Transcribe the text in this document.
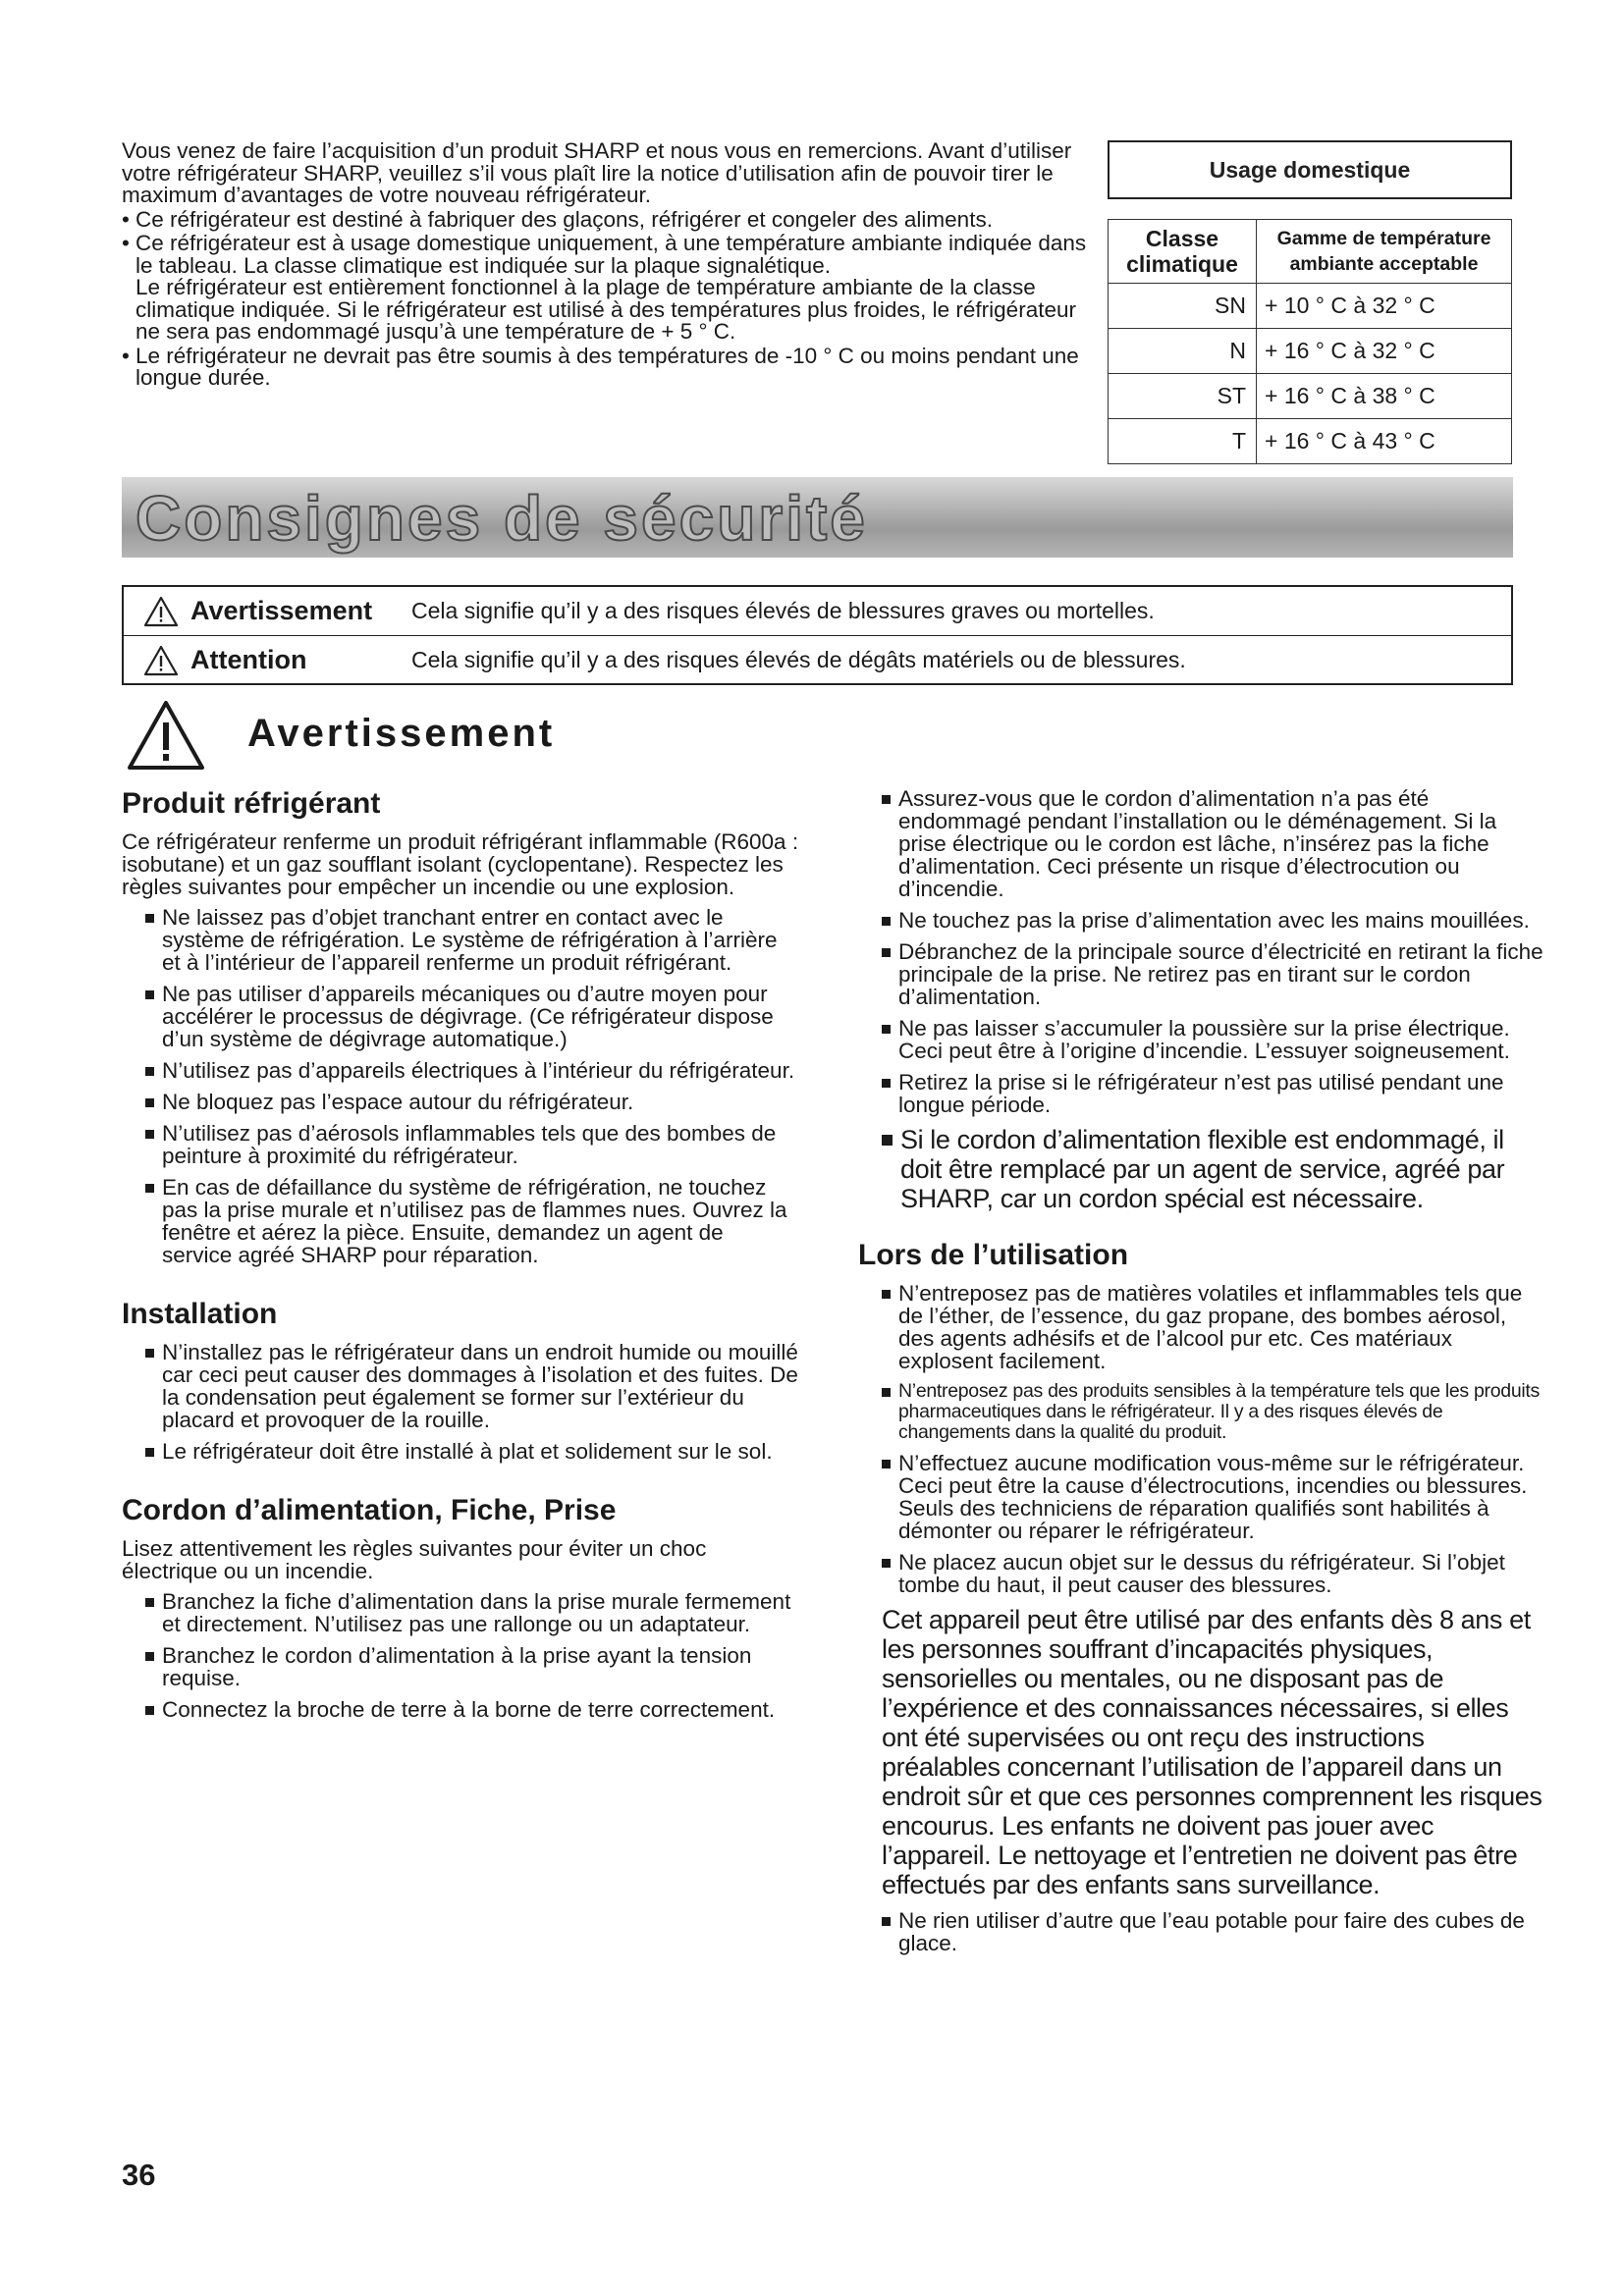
Vous venez de faire l’acquisition d’un produit SHARP et nous vous en remercions. Avant d’utiliser votre réfrigérateur SHARP, veuillez s’il vous plaît lire la notice d’utilisation afin de pouvoir tirer le maximum d’avantages de votre nouveau réfrigérateur.

• Ce réfrigérateur est destiné à fabriquer des glaçons, réfrigérer et congeler des aliments.
• Ce réfrigérateur est à usage domestique uniquement, à une température ambiante indiquée dans le tableau. La classe climatique est indiquée sur la plaque signalétique.
Le réfrigérateur est entièrement fonctionnel à la plage de température ambiante de la classe climatique indiquée. Si le réfrigérateur est utilisé à des températures plus froides, le réfrigérateur ne sera pas endommagé jusqu’à une température de + 5 ° C.
• Le réfrigérateur ne devrait pas être soumis à des températures de -10 ° C ou moins pendant une longue durée.
Usage domestique
Classe climatique	Gamme de température ambiante acceptable
SN	+ 10 ° C à 32 ° C
N	+ 16 ° C à 32 ° C
ST	+ 16 ° C à 38 ° C
T	+ 16 ° C à 43 ° C
Consignes de sécurité
Avertissement	Cela signifie qu’il y a des risques élevés de blessures graves ou mortelles.
Attention	Cela signifie qu’il y a des risques élevés de dégâts matériels ou de blessures.
Avertissement
Produit réfrigérant

Ce réfrigérateur renferme un produit réfrigérant inflammable (R600a : isobutane) et un gaz soufflant isolant (cyclopentane). Respectez les règles suivantes pour empêcher un incendie ou une explosion.

Ne laissez pas d’objet tranchant entrer en contact avec le système de réfrigération. Le système de réfrigération à l’arrière et à l’intérieur de l’appareil renferme un produit réfrigérant.
Ne pas utiliser d’appareils mécaniques ou d’autre moyen pour accélérer le processus de dégivrage. (Ce réfrigérateur dispose d’un système de dégivrage automatique.)
N’utilisez pas d’appareils électriques à l’intérieur du réfrigérateur.
Ne bloquez pas l’espace autour du réfrigérateur.
N’utilisez pas d’aérosols inflammables tels que des bombes de peinture à proximité du réfrigérateur.
En cas de défaillance du système de réfrigération, ne touchez pas la prise murale et n’utilisez pas de flammes nues. Ouvrez la fenêtre et aérez la pièce. Ensuite, demandez un agent de service agréé SHARP pour réparation.
Installation
N’installez pas le réfrigérateur dans un endroit humide ou mouillé car ceci peut causer des dommages à l’isolation et des fuites. De la condensation peut également se former sur l’extérieur du placard et provoquer de la rouille.
Le réfrigérateur doit être installé à plat et solidement sur le sol.
Cordon d’alimentation, Fiche, Prise

Lisez attentivement les règles suivantes pour éviter un choc électrique ou un incendie.

Branchez la fiche d’alimentation dans la prise murale fermement et directement. N’utilisez pas une rallonge ou un adaptateur.
Branchez le cordon d’alimentation à la prise ayant la tension requise.
Connectez la broche de terre à la borne de terre correctement.
Assurez-vous que le cordon d’alimentation n’a pas été endommagé pendant l’installation ou le déménagement. Si la prise électrique ou le cordon est lâche, n’insérez pas la fiche d’alimentation. Ceci présente un risque d’électrocution ou d’incendie.
Ne touchez pas la prise d’alimentation avec les mains mouillées.
Débranchez de la principale source d’électricité en retirant la fiche principale de la prise. Ne retirez pas en tirant sur le cordon d’alimentation.
Ne pas laisser s’accumuler la poussière sur la prise électrique. Ceci peut être à l’origine d’incendie. L’essuyer soigneusement.
Retirez la prise si le réfrigérateur n’est pas utilisé pendant une longue période.
Si le cordon d’alimentation flexible est endommagé, il doit être remplacé par un agent de service, agréé par SHARP, car un cordon spécial est nécessaire.
Lors de l’utilisation
N’entreposez pas de matières volatiles et inflammables tels que de l’éther, de l’essence, du gaz propane, des bombes aérosol, des agents adhésifs et de l’alcool pur etc. Ces matériaux explosent facilement.
N’entreposez pas des produits sensibles à la température tels que les produits pharmaceutiques dans le réfrigérateur. Il y a des risques élevés de changements dans la qualité du produit.
N’effectuez aucune modification vous-même sur le réfrigérateur. Ceci peut être la cause d’électrocutions, incendies ou blessures. Seuls des techniciens de réparation qualifiés sont habilités à démonter ou réparer le réfrigérateur.
Ne placez aucun objet sur le dessus du réfrigérateur. Si l’objet tombe du haut, il peut causer des blessures.

Cet appareil peut être utilisé par des enfants dès 8 ans et les personnes souffrant d’incapacités physiques, sensorielles ou mentales, ou ne disposant pas de l’expérience et des connaissances nécessaires, si elles ont été supervisées ou ont reçu des instructions préalables concernant l’utilisation de l’appareil dans un endroit sûr et que ces personnes comprennent les risques encourus. Les enfants ne doivent pas jouer avec l’appareil. Le nettoyage et l’entretien ne doivent pas être effectués par des enfants sans surveillance.

Ne rien utiliser d’autre que l’eau potable pour faire des cubes de glace.
36
